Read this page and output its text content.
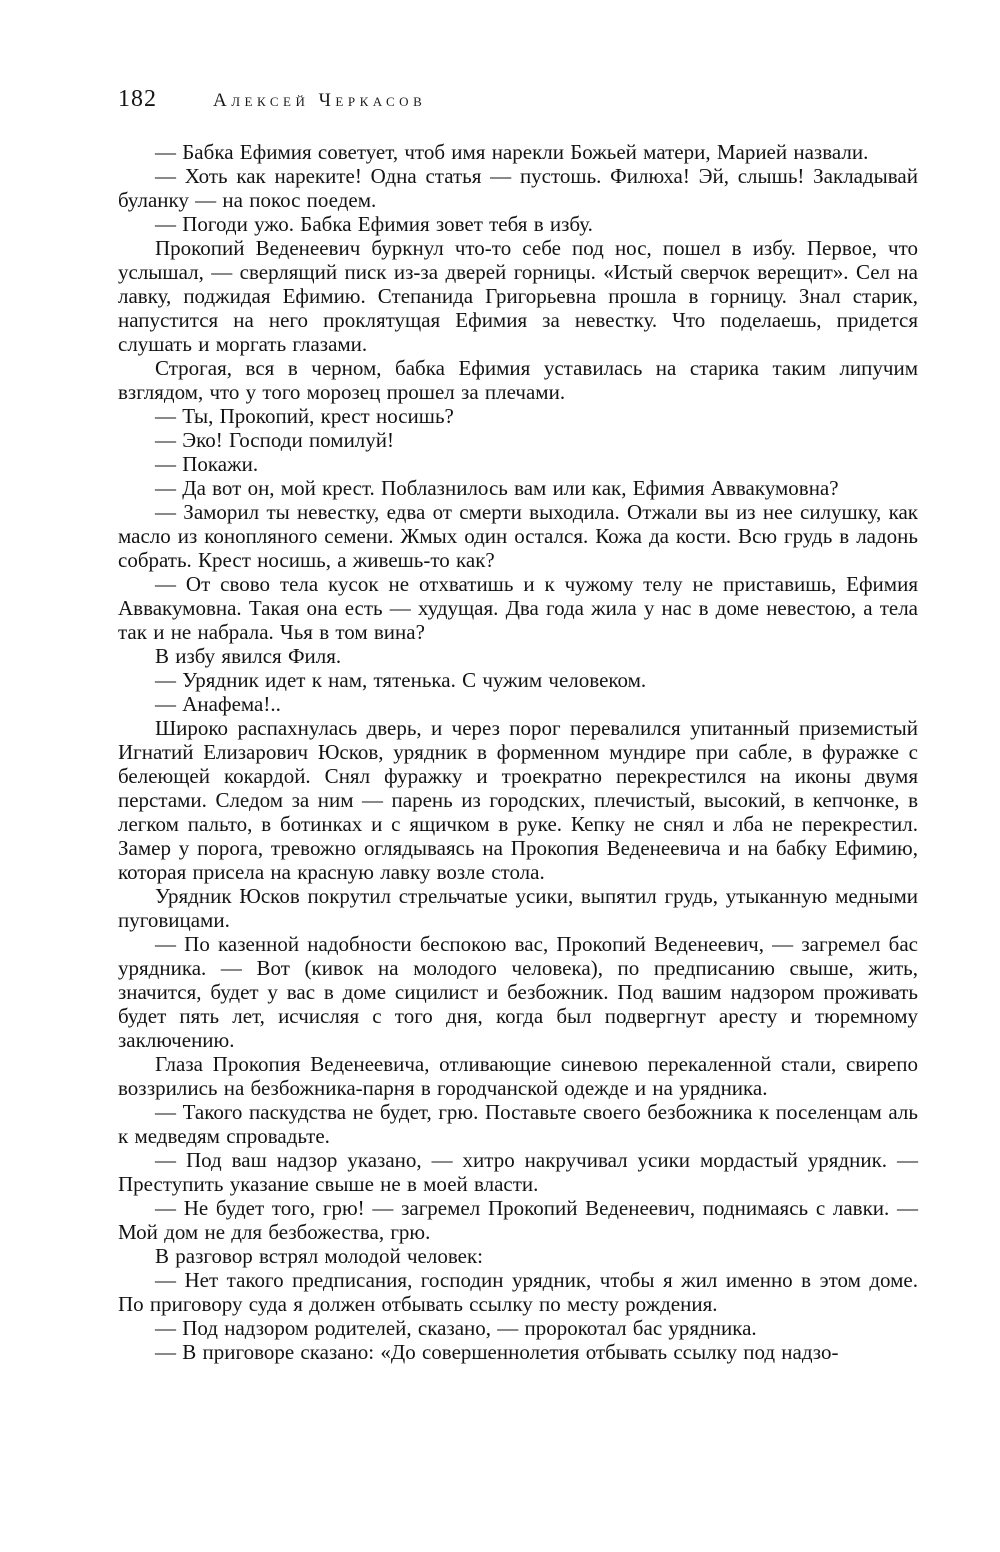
182	Алексей Черкасов

— Бабка Ефимия советует, чтоб имя нарекли Божьей матери, Марией назвали.

— Хоть как нареките! Одна статья — пустошь. Филюха! Эй, слышь! Закладывай буланку — на покос поедем.

— Погоди ужо. Бабка Ефимия зовет тебя в избу.

Прокопий Веденеевич буркнул что-то себе под нос, пошел в избу. Первое, что услышал, — сверлящий писк из-за дверей горницы. «Истый сверчок верещит». Сел на лавку, поджидая Ефимию. Степанида Григорьевна прошла в горницу. Знал старик, напустится на него проклятущая Ефимия за невестку. Что поделаешь, придется слушать и моргать глазами.

Строгая, вся в черном, бабка Ефимия уставилась на старика таким липучим взглядом, что у того морозец прошел за плечами.

— Ты, Прокопий, крест носишь?

— Эко! Господи помилуй!

— Покажи.

— Да вот он, мой крест. Поблазнилось вам или как, Ефимия Аввакумовна?

— Заморил ты невестку, едва от смерти выходила. Отжали вы из нее силушку, как масло из конопляного семени. Жмых один остался. Кожа да кости. Всю грудь в ладонь собрать. Крест носишь, а живешь-то как?

— От свово тела кусок не отхватишь и к чужому телу не приставишь, Ефимия Аввакумовна. Такая она есть — худущая. Два года жила у нас в доме невестою, а тела так и не набрала. Чья в том вина?

В избу явился Филя.

— Урядник идет к нам, тятенька. С чужим человеком.

— Анафема!..

Широко распахнулась дверь, и через порог перевалился упитанный приземистый Игнатий Елизарович Юсков, урядник в форменном мундире при сабле, в фуражке с белеющей кокардой. Снял фуражку и троекратно перекрестился на иконы двумя перстами. Следом за ним — парень из городских, плечистый, высокий, в кепчонке, в легком пальто, в ботинках и с ящичком в руке. Кепку не снял и лба не перекрестил. Замер у порога, тревожно оглядываясь на Прокопия Веденеевича и на бабку Ефимию, которая присела на красную лавку возле стола.

Урядник Юсков покрутил стрельчатые усики, выпятил грудь, утыканную медными пуговицами.

— По казенной надобности беспокою вас, Прокопий Веденеевич, — загремел бас урядника. — Вот (кивок на молодого человека), по предписанию свыше, жить, значится, будет у вас в доме сицилист и безбожник. Под вашим надзором проживать будет пять лет, исчисляя с того дня, когда был подвергнут аресту и тюремному заключению.

Глаза Прокопия Веденеевича, отливающие синевою перекаленной стали, свирепо воззрились на безбожника-парня в городчанской одежде и на урядника.

— Такого паскудства не будет, грю. Поставьте своего безбожника к поселенцам аль к медведям спровадьте.

— Под ваш надзор указано, — хитро накручивал усики мордастый урядник. — Преступить указание свыше не в моей власти.

— Не будет того, грю! — загремел Прокопий Веденеевич, поднимаясь с лавки. — Мой дом не для безбожества, грю.

В разговор встрял молодой человек:

— Нет такого предписания, господин урядник, чтобы я жил именно в этом доме. По приговору суда я должен отбывать ссылку по месту рождения.

— Под надзором родителей, сказано, — пророкотал бас урядника.

— В приговоре сказано: «До совершеннолетия отбывать ссылку под надзо-
